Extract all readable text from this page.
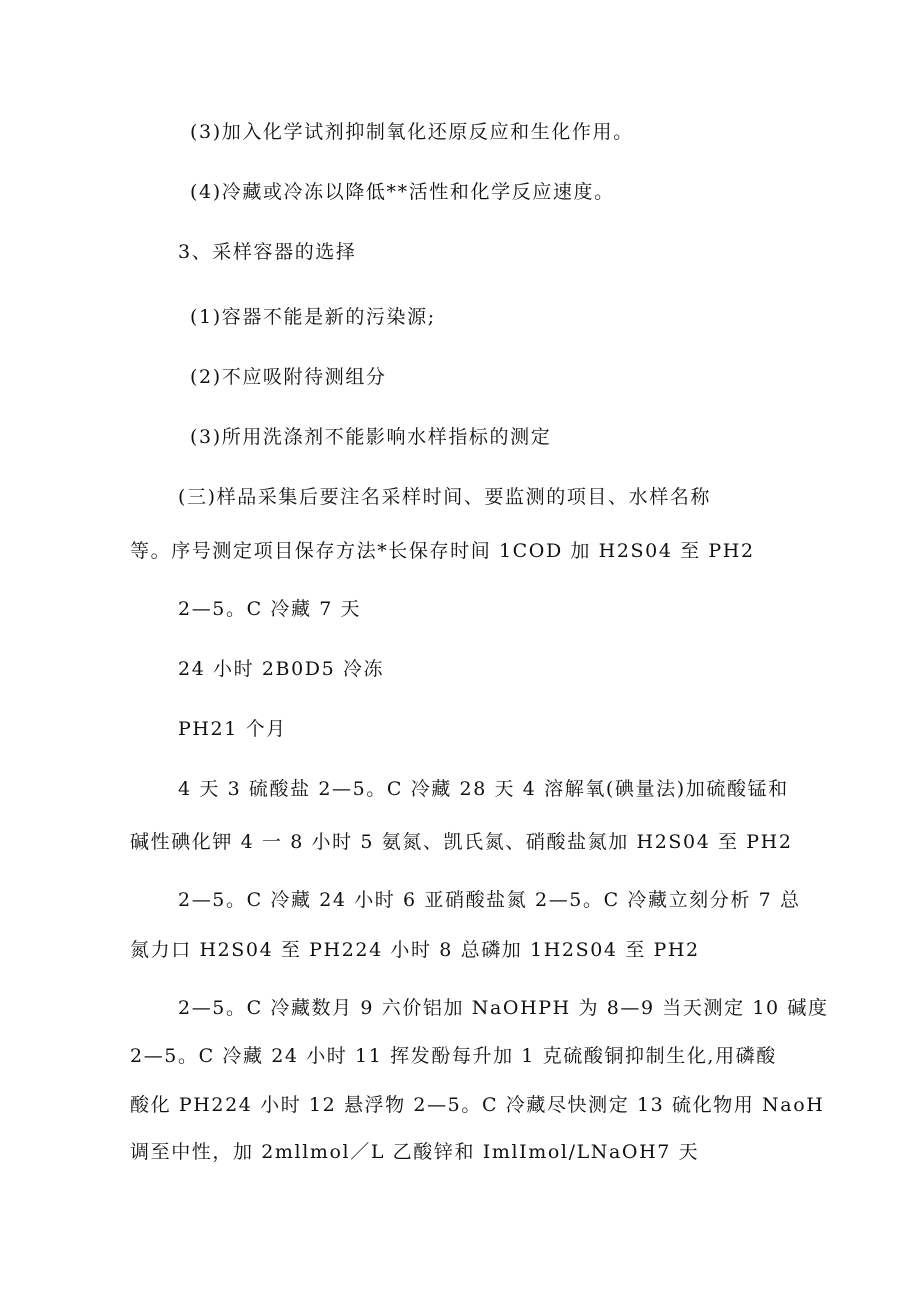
(3)加入化学试剂抑制氧化还原反应和生化作用。
(4)冷藏或冷冻以降低**活性和化学反应速度。
3、采样容器的选择
(1)容器不能是新的污染源;
(2)不应吸附待测组分
(3)所用洗涤剂不能影响水样指标的测定
(三)样品采集后要注名采样时间、要监测的项目、水样名称
等。序号测定项目保存方法*长保存时间 1COD 加 H2S04 至 PH2
2—5。C 冷藏 7 天
24 小时 2B0D5 冷冻
PH21 个月
4 天 3 硫酸盐 2—5。C 冷藏 28 天 4 溶解氧(碘量法)加硫酸锰和
碱性碘化钾 4 一 8 小时 5 氨氮、凯氏氮、硝酸盐氮加 H2S04 至 PH2
2—5。C 冷藏 24 小时 6 亚硝酸盐氮 2—5。C 冷藏立刻分析 7 总
氮力口 H2S04 至 PH224 小时 8 总磷加 1H2S04 至 PH2
2—5。C 冷藏数月 9 六价铝加 NaOHPH 为 8—9 当天测定 10 碱度
2—5。C 冷藏 24 小时 11 挥发酚每升加 1 克硫酸铜抑制生化,用磷酸
酸化 PH224 小时 12 悬浮物 2—5。C 冷藏尽快测定 13 硫化物用 NaoH
调至中性，加 2mllmol／L 乙酸锌和 ImlImol/LNaOH7 天
